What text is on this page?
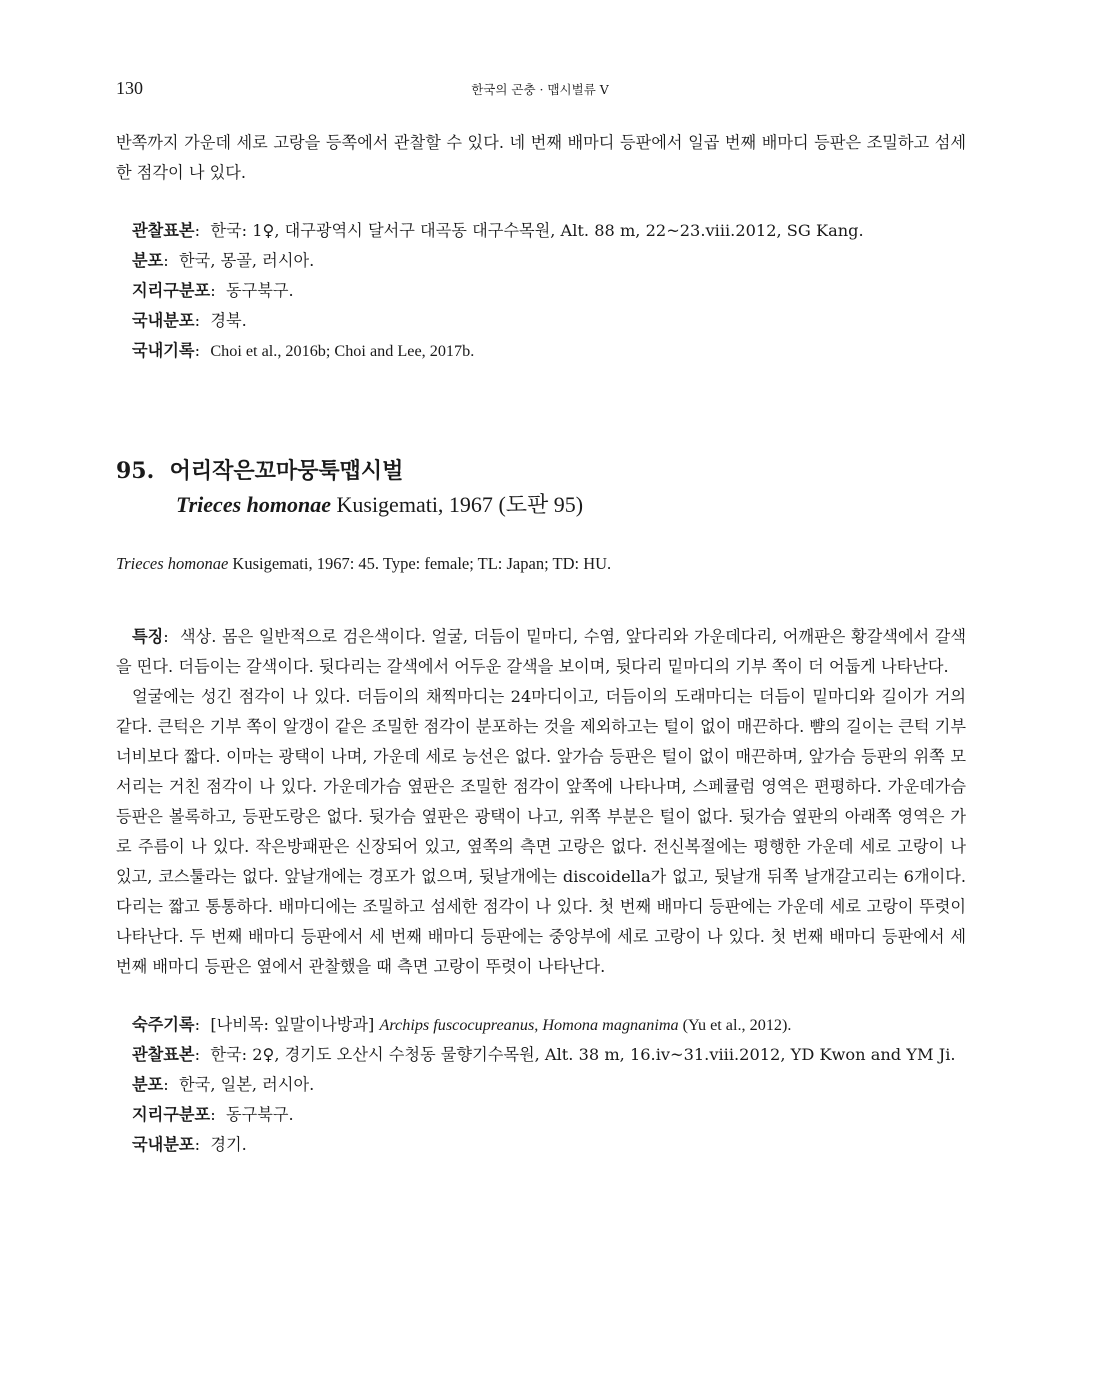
130	한국의 곤충 · 맵시벌류 V

반쪽까지 가운데 세로 고랑을 등쪽에서 관찰할 수 있다. 네 번째 배마디 등판에서 일곱 번째 배마디 등판은 조밀하고 섬세한 점각이 나 있다.

관찰표본: 한국: 1♀, 대구광역시 달서구 대곡동 대구수목원, Alt. 88 m, 22~23.viii.2012, SG Kang.

분포: 한국, 몽골, 러시아.

지리구분포: 동구북구.

국내분포: 경북.

국내기록: Choi et al., 2016b; Choi and Lee, 2017b.

95. 어리작은꼬마뭉툭맵시벌
Trieces homonae Kusigemati, 1967 (도판 95)

Trieces homonae Kusigemati, 1967: 45. Type: female; TL: Japan; TD: HU.

특징: 색상. 몸은 일반적으로 검은색이다. 얼굴, 더듬이 밑마디, 수염, 앞다리와 가운데다리, 어깨판은 황갈색에서 갈색을 띤다. 더듬이는 갈색이다. 뒷다리는 갈색에서 어두운 갈색을 보이며, 뒷다리 밑마디의 기부 쪽이 더 어둡게 나타난다.

얼굴에는 성긴 점각이 나 있다. 더듬이의 채찍마디는 24마디이고, 더듬이의 도래마디는 더듬이 밑마디와 길이가 거의 같다. 큰턱은 기부 쪽이 알갱이 같은 조밀한 점각이 분포하는 것을 제외하고는 털이 없이 매끈하다. 뺨의 길이는 큰턱 기부 너비보다 짧다. 이마는 광택이 나며, 가운데 세로 능선은 없다. 앞가슴 등판은 털이 없이 매끈하며, 앞가슴 등판의 위쪽 모서리는 거친 점각이 나 있다. 가운데가슴 옆판은 조밀한 점각이 앞쪽에 나타나며, 스페큘럼 영역은 편평하다. 가운데가슴 등판은 볼록하고, 등판도랑은 없다. 뒷가슴 옆판은 광택이 나고, 위쪽 부분은 털이 없다. 뒷가슴 옆판의 아래쪽 영역은 가로 주름이 나 있다. 작은방패판은 신장되어 있고, 옆쪽의 측면 고랑은 없다. 전신복절에는 평행한 가운데 세로 고랑이 나 있고, 코스툴라는 없다. 앞날개에는 경포가 없으며, 뒷날개에는 discoidella가 없고, 뒷날개 뒤쪽 날개갈고리는 6개이다. 다리는 짧고 통통하다. 배마디에는 조밀하고 섬세한 점각이 나 있다. 첫 번째 배마디 등판에는 가운데 세로 고랑이 뚜렷이 나타난다. 두 번째 배마디 등판에서 세 번째 배마디 등판에는 중앙부에 세로 고랑이 나 있다. 첫 번째 배마디 등판에서 세 번째 배마디 등판은 옆에서 관찰했을 때 측면 고랑이 뚜렷이 나타난다.

숙주기록: [나비목: 잎말이나방과] Archips fuscocupreanus, Homona magnanima (Yu et al., 2012).

관찰표본: 한국: 2♀, 경기도 오산시 수청동 물향기수목원, Alt. 38 m, 16.iv~31.viii.2012, YD Kwon and YM Ji.

분포: 한국, 일본, 러시아.

지리구분포: 동구북구.

국내분포: 경기.
